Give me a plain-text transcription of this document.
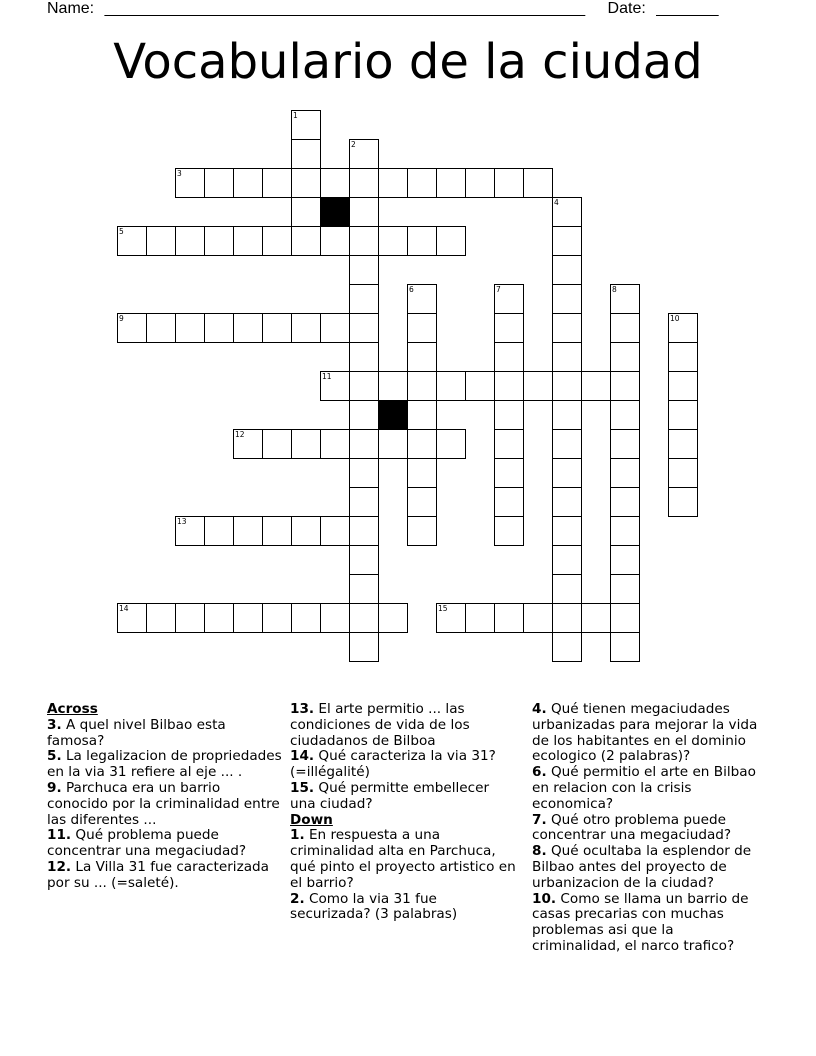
Name: ______________________________________________________ Date: _______
Vocabulario de la ciudad
1
2
3
4
5
6	7	8
9	10
11
12
13
14	15
Across
3. A quel nivel Bilbao esta famosa?
5. La legalizacion de propriedades en la via 31 refiere al eje ... .
9. Parchuca era un barrio conocido por la criminalidad entre las diferentes ...
11. Qué problema puede concentrar una megaciudad?
12. La Villa 31 fue caracterizada por su ... (=saleté).
13. El arte permitio ... las condiciones de vida de los ciudadanos de Bilboa
14. Qué caracteriza la via 31? (=illégalité)
15. Qué permitte embellecer una ciudad?
Down
1. En respuesta a una criminalidad alta en Parchuca, qué pinto el proyecto artistico en el barrio?
2. Como la via 31 fue securizada? (3 palabras)
4. Qué tienen megaciudades urbanizadas para mejorar la vida de los habitantes en el dominio ecologico (2 palabras)?
6. Qué permitio el arte en Bilbao en relacion con la crisis economica?
7. Qué otro problema puede concentrar una megaciudad?
8. Qué ocultaba la esplendor de Bilbao antes del proyecto de urbanizacion de la ciudad?
10. Como se llama un barrio de casas precarias con muchas problemas asi que la criminalidad, el narco trafico?
